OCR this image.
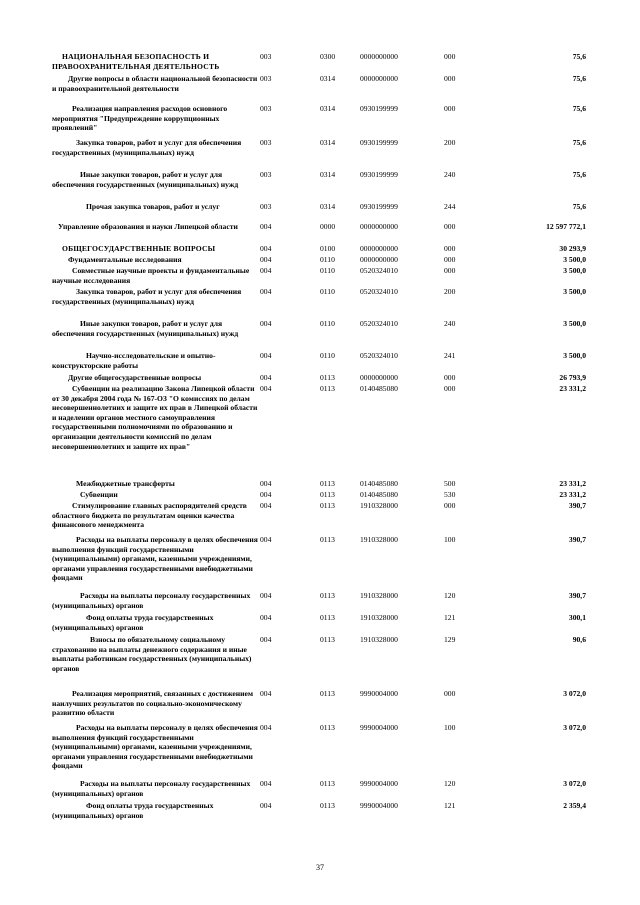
НАЦИОНАЛЬНАЯ БЕЗОПАСНОСТЬ И ПРАВООХРАНИТЕЛЬНАЯ ДЕЯТЕЛЬНОСТЬ	003	0300	0000000000	000	75,6
Другие вопросы в области национальной безопасности и правоохранительной деятельности	003	0314	0000000000	000	75,6
Реализация направления расходов основного мероприятия "Предупреждение коррупционных проявлений"	003	0314	0930199999	000	75,6
Закупка товаров, работ и услуг для обеспечения государственных (муниципальных) нужд	003	0314	0930199999	200	75,6
Иные закупки товаров, работ и услуг для обеспечения государственных (муниципальных) нужд	003	0314	0930199999	240	75,6
Прочая закупка товаров, работ и услуг	003	0314	0930199999	244	75,6
Управление образования и науки Липецкой области	004	0000	0000000000	000	12 597 772,1
ОБЩЕГОСУДАРСТВЕННЫЕ ВОПРОСЫ	004	0100	0000000000	000	30 293,9
Фундаментальные исследования	004	0110	0000000000	000	3 500,0
Совместные научные проекты и фундаментальные научные исследования	004	0110	0520324010	000	3 500,0
Закупка товаров, работ и услуг для обеспечения государственных (муниципальных) нужд	004	0110	0520324010	200	3 500,0
Иные закупки товаров, работ и услуг для обеспечения государственных (муниципальных) нужд	004	0110	0520324010	240	3 500,0
Научно-исследовательские и опытно-конструкторские работы	004	0110	0520324010	241	3 500,0
Другие общегосударственные вопросы	004	0113	0000000000	000	26 793,9
Субвенции на реализацию Закона Липецкой области от 30 декабря 2004 года № 167-ОЗ "О комиссиях по делам несовершеннолетних и защите их прав в Липецкой области и наделении органов местного самоуправления государственными полномочиями по образованию и организации деятельности комиссий по делам несовершеннолетних и защите их прав"	004	0113	0140485080	000	23 331,2
Межбюджетные трансферты	004	0113	0140485080	500	23 331,2
Субвенции	004	0113	0140485080	530	23 331,2
Стимулирование главных распорядителей средств областного бюджета по результатам оценки качества финансового менеджмента	004	0113	1910328000	000	390,7
Расходы на выплаты персоналу в целях обеспечения выполнения функций государственными (муниципальными) органами, казенными учреждениями, органами управления государственными внебюджетными фондами	004	0113	1910328000	100	390,7
Расходы на выплаты персоналу государственных (муниципальных) органов	004	0113	1910328000	120	390,7
Фонд оплаты труда государственных (муниципальных) органов	004	0113	1910328000	121	300,1
Взносы по обязательному социальному страхованию на выплаты денежного содержания и иные выплаты работникам государственных (муниципальных) органов	004	0113	1910328000	129	90,6
Реализация мероприятий, связанных с достижением наилучших результатов по социально-экономическому развитию области	004	0113	9990004000	000	3 072,0
Расходы на выплаты персоналу в целях обеспечения выполнения функций государственными (муниципальными) органами, казенными учреждениями, органами управления государственными внебюджетными фондами	004	0113	9990004000	100	3 072,0
Расходы на выплаты персоналу государственных (муниципальных) органов	004	0113	9990004000	120	3 072,0
Фонд оплаты труда государственных (муниципальных) органов	004	0113	9990004000	121	2 359,4
37
